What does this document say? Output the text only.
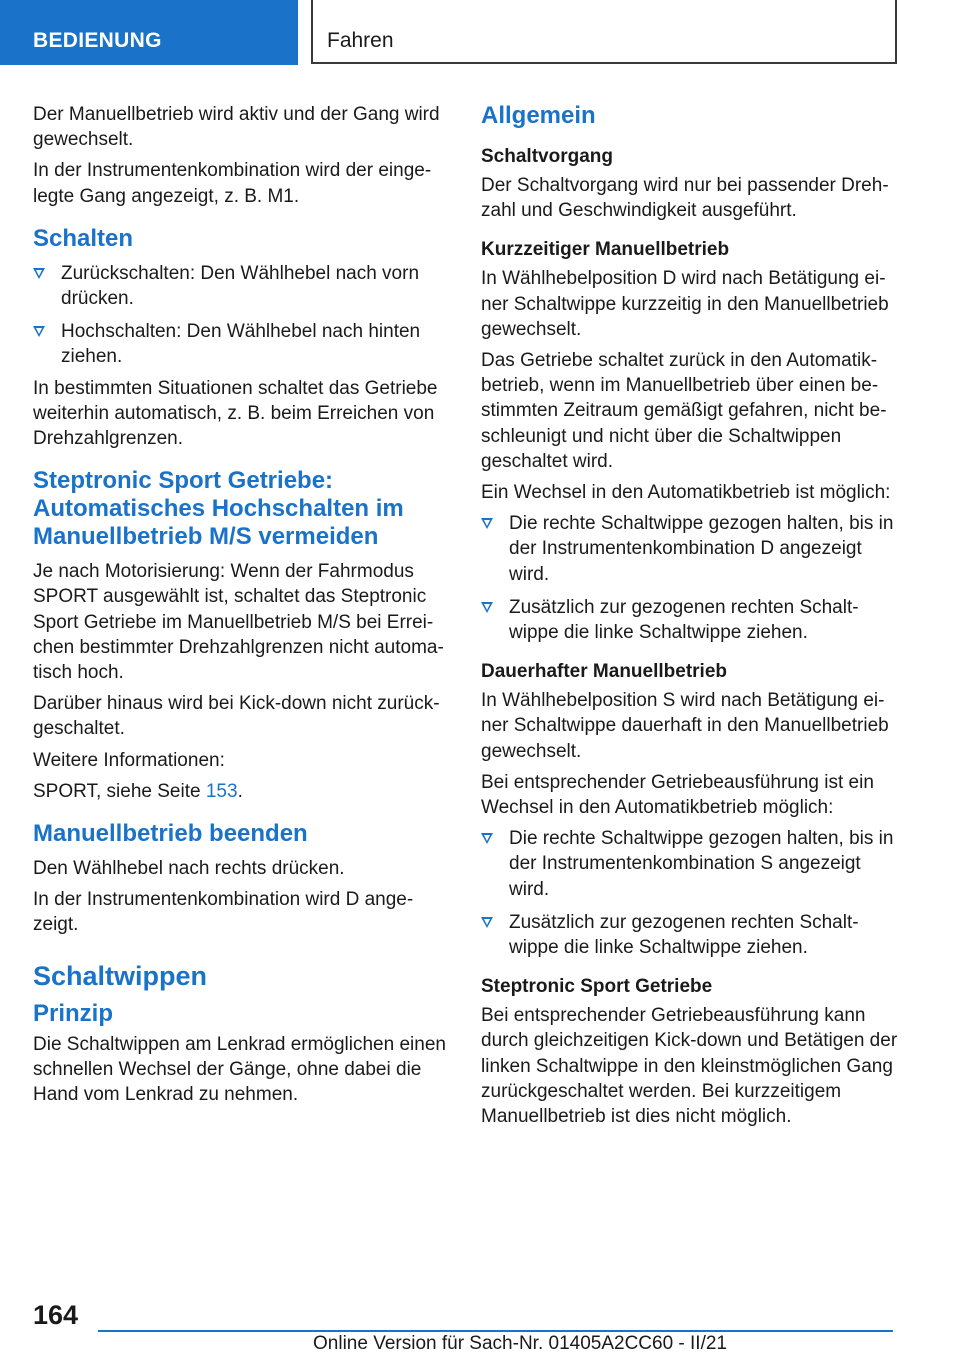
BEDIENUNG	Fahren

Der Manuellbetrieb wird aktiv und der Gang wird gewechselt.

In der Instrumentenkombination wird der eingelegte Gang angezeigt, z. B. M1.

Schalten
Zurückschalten: Den Wählhebel nach vorn drücken.
Hochschalten: Den Wählhebel nach hinten ziehen.

In bestimmten Situationen schaltet das Getriebe weiterhin automatisch, z. B. beim Erreichen von Drehzahlgrenzen.

Steptronic Sport Getriebe: Automatisches Hochschalten im Manuellbetrieb M/S vermeiden

Je nach Motorisierung: Wenn der Fahrmodus SPORT ausgewählt ist, schaltet das Steptronic Sport Getriebe im Manuellbetrieb M/S bei Erreichen bestimmter Drehzahlgrenzen nicht automatisch hoch.

Darüber hinaus wird bei Kick-down nicht zurückgeschaltet.

Weitere Informationen:

SPORT, siehe Seite 153.

Manuellbetrieb beenden

Den Wählhebel nach rechts drücken.

In der Instrumentenkombination wird D angezeigt.

Schaltwippen
Prinzip

Die Schaltwippen am Lenkrad ermöglichen einen schnellen Wechsel der Gänge, ohne dabei die Hand vom Lenkrad zu nehmen.

Allgemein
Schaltvorgang

Der Schaltvorgang wird nur bei passender Drehzahl und Geschwindigkeit ausgeführt.

Kurzzeitiger Manuellbetrieb

In Wählhebelposition D wird nach Betätigung einer Schaltwippe kurzzeitig in den Manuellbetrieb gewechselt.

Das Getriebe schaltet zurück in den Automatikbetrieb, wenn im Manuellbetrieb über einen bestimmten Zeitraum gemäßigt gefahren, nicht beschleunigt und nicht über die Schaltwippen geschaltet wird.

Ein Wechsel in den Automatikbetrieb ist möglich:

Die rechte Schaltwippe gezogen halten, bis in der Instrumentenkombination D angezeigt wird.
Zusätzlich zur gezogenen rechten Schaltwippe die linke Schaltwippe ziehen.
Dauerhafter Manuellbetrieb

In Wählhebelposition S wird nach Betätigung einer Schaltwippe dauerhaft in den Manuellbetrieb gewechselt.

Bei entsprechender Getriebeausführung ist ein Wechsel in den Automatikbetrieb möglich:

Die rechte Schaltwippe gezogen halten, bis in der Instrumentenkombination S angezeigt wird.
Zusätzlich zur gezogenen rechten Schaltwippe die linke Schaltwippe ziehen.
Steptronic Sport Getriebe

Bei entsprechender Getriebeausführung kann durch gleichzeitigen Kick-down und Betätigen der linken Schaltwippe in den kleinstmöglichen Gang zurückgeschaltet werden. Bei kurzzeitigem Manuellbetrieb ist dies nicht möglich.

164
Online Version für Sach-Nr. 01405A2CC60 - II/21
